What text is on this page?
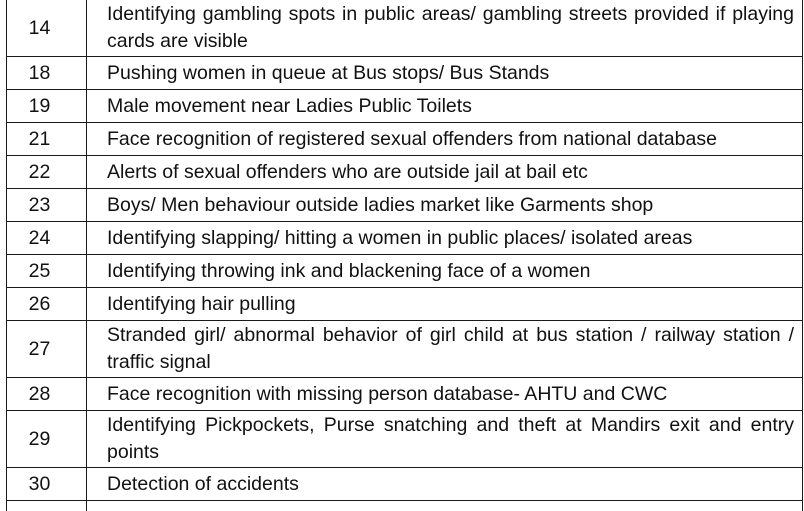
14	Identifying gambling spots in public areas/ gambling streets provided if playing cards are visible
18	Pushing women in queue at Bus stops/ Bus Stands
19	Male movement near Ladies Public Toilets
21	Face recognition of registered sexual offenders from national database
22	Alerts of sexual offenders who are outside jail at bail etc
23	Boys/ Men behaviour outside ladies market like Garments shop
24	Identifying slapping/ hitting a women in public places/ isolated areas
25	Identifying throwing ink and blackening face of a women
26	Identifying hair pulling
27	Stranded girl/ abnormal behavior of girl child at bus station / railway station / traffic signal
28	Face recognition with missing person database- AHTU and CWC
29	Identifying Pickpockets, Purse snatching and theft at Mandirs exit and entry points
30	Detection of accidents
